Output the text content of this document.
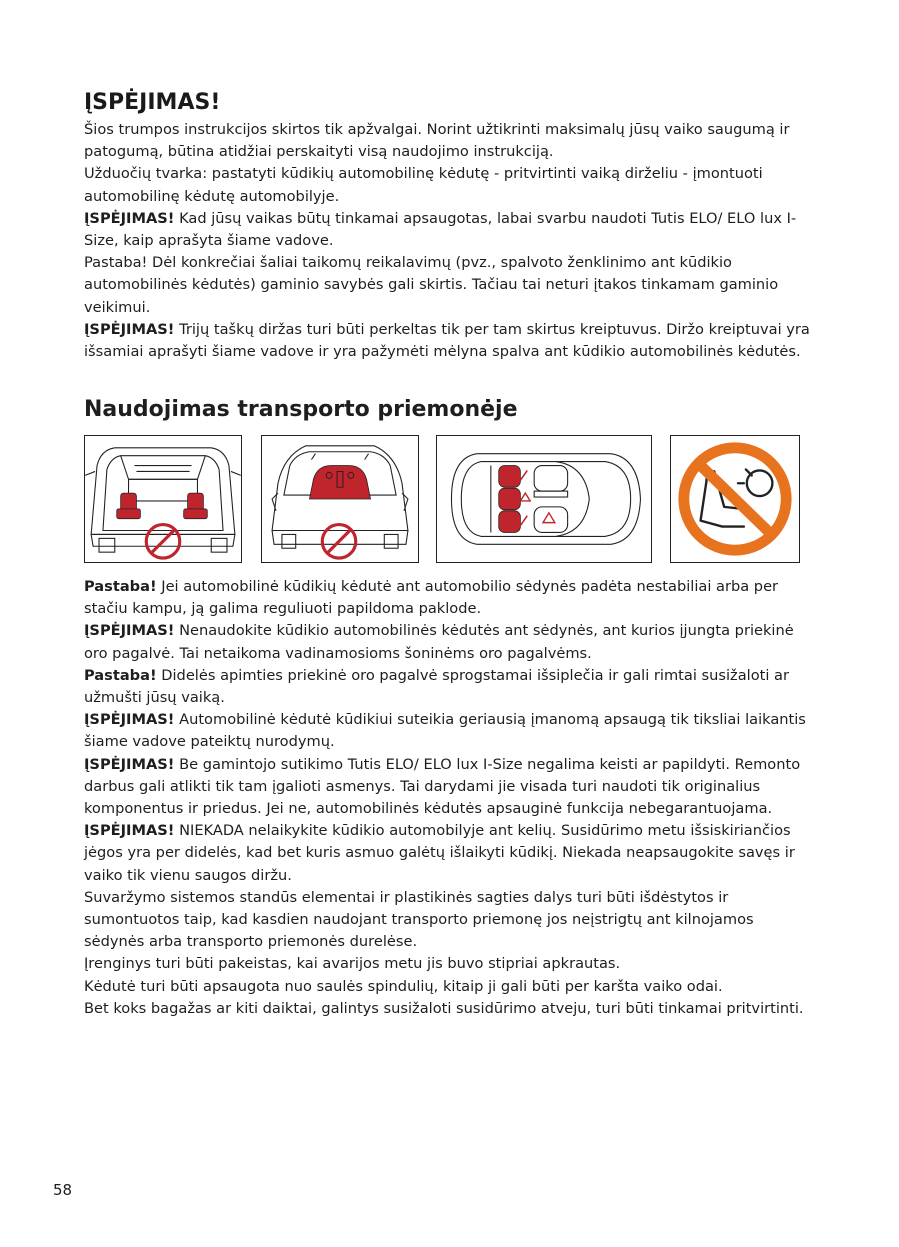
ĮSPĖJIMAS!

Šios trumpos instrukcijos skirtos tik apžvalgai. Norint užtikrinti maksimalų jūsų vaiko saugumą ir patogumą, būtina atidžiai perskaityti visą naudojimo instrukciją.

Užduočių tvarka: pastatyti kūdikių automobilinę kėdutę - pritvirtinti vaiką dirželiu - įmontuoti automobilinę kėdutę automobilyje.

ĮSPĖJIMAS! Kad jūsų vaikas būtų tinkamai apsaugotas, labai svarbu naudoti Tutis ELO/ ELO lux I-Size, kaip aprašyta šiame vadove.

Pastaba! Dėl konkrečiai šaliai taikomų reikalavimų (pvz., spalvoto ženklinimo ant kūdikio automobilinės kėdutės) gaminio savybės gali skirtis. Tačiau tai neturi įtakos tinkamam gaminio veikimui.

ĮSPĖJIMAS! Trijų taškų diržas turi būti perkeltas tik per tam skirtus kreiptuvus. Diržo kreiptuvai yra išsamiai aprašyti šiame vadove ir yra pažymėti mėlyna spalva ant kūdikio automobilinės kėdutės.

Naudojimas transporto priemonėje

Pastaba! Jei automobilinė kūdikių kėdutė ant automobilio sėdynės padėta nestabiliai arba per stačiu kampu, ją galima reguliuoti papildoma paklode.

ĮSPĖJIMAS! Nenaudokite kūdikio automobilinės kėdutės ant sėdynės, ant kurios įjungta priekinė oro pagalvė. Tai netaikoma vadinamosioms šoninėms oro pagalvėms.

Pastaba! Didelės apimties priekinė oro pagalvė sprogstamai išsiplečia ir gali rimtai susižaloti ar užmušti jūsų vaiką.

ĮSPĖJIMAS! Automobilinė kėdutė kūdikiui suteikia geriausią įmanomą apsaugą tik tiksliai laikantis šiame vadove pateiktų nurodymų.

ĮSPĖJIMAS! Be gamintojo sutikimo Tutis ELO/ ELO lux I-Size negalima keisti ar papildyti. Remonto darbus gali atlikti tik tam įgalioti asmenys. Tai darydami jie visada turi naudoti tik originalius komponentus ir priedus. Jei ne, automobilinės kėdutės apsauginė funkcija nebegarantuojama.

ĮSPĖJIMAS! NIEKADA nelaikykite kūdikio automobilyje ant kelių. Susidūrimo metu išsiskiriančios jėgos yra per didelės, kad bet kuris asmuo galėtų išlaikyti kūdikį. Niekada neapsaugokite savęs ir vaiko tik vienu saugos diržu.

Suvaržymo sistemos standūs elementai ir plastikinės sagties dalys turi būti išdėstytos ir sumontuotos taip, kad kasdien naudojant transporto priemonę jos neįstrigtų ant kilnojamos sėdynės arba transporto priemonės durelėse.

Įrenginys turi būti pakeistas, kai avarijos metu jis buvo stipriai apkrautas.

Kėdutė turi būti apsaugota nuo saulės spindulių, kitaip ji gali būti per karšta vaiko odai.

Bet koks bagažas ar kiti daiktai, galintys susižaloti susidūrimo atveju, turi būti tinkamai pritvirtinti.

58
